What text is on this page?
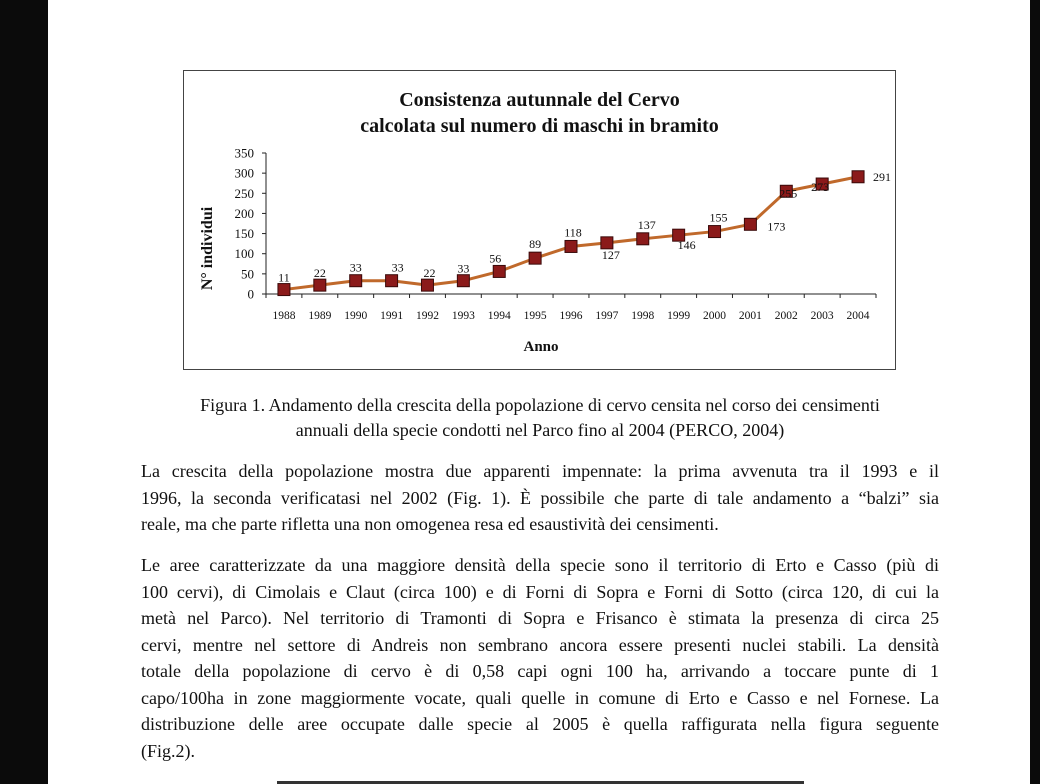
Consistenza autunnale del Cervo
calcolata sul numero di maschi in bramito
0
50
100
150
200
250
300
350
1988 1989 1990 1991 1992 1993 1994 1995 1996 1997 1998 1999 2000 2001 2002 2003 2004
Anno
N° individui	11 22 33 33 22 33
56
89
118
127
137
146
155
173
255 273
291
Figura 1. Andamento della crescita della popolazione di cervo censita nel corso dei censimenti
annuali della specie condotti nel Parco fino al 2004 (PERCO, 2004)
La crescita della popolazione mostra due apparenti impennate: la prima avvenuta tra il 1993 e il
1996, la seconda verificatasi nel 2002 (Fig. 1). È possibile che parte di tale andamento a “balzi” sia
reale, ma che parte rifletta una non omogenea resa ed esaustività dei censimenti.
Le aree caratterizzate da una maggiore densità della specie sono il territorio di Erto e Casso (più di
100 cervi), di Cimolais e Claut (circa 100) e di Forni di Sopra e Forni di Sotto (circa 120, di cui la
metà nel Parco). Nel territorio di Tramonti di Sopra e Frisanco è stimata la presenza di circa 25
cervi, mentre nel settore di Andreis non sembrano ancora essere presenti nuclei stabili. La densità
totale della popolazione di cervo è di 0,58 capi ogni 100 ha, arrivando a toccare punte di 1
capo/100ha in zone maggiormente vocate, quali quelle in comune di Erto e Casso e nel Fornese. La
distribuzione delle aree occupate dalle specie al 2005 è quella raffigurata nella figura seguente
(Fig.2).
